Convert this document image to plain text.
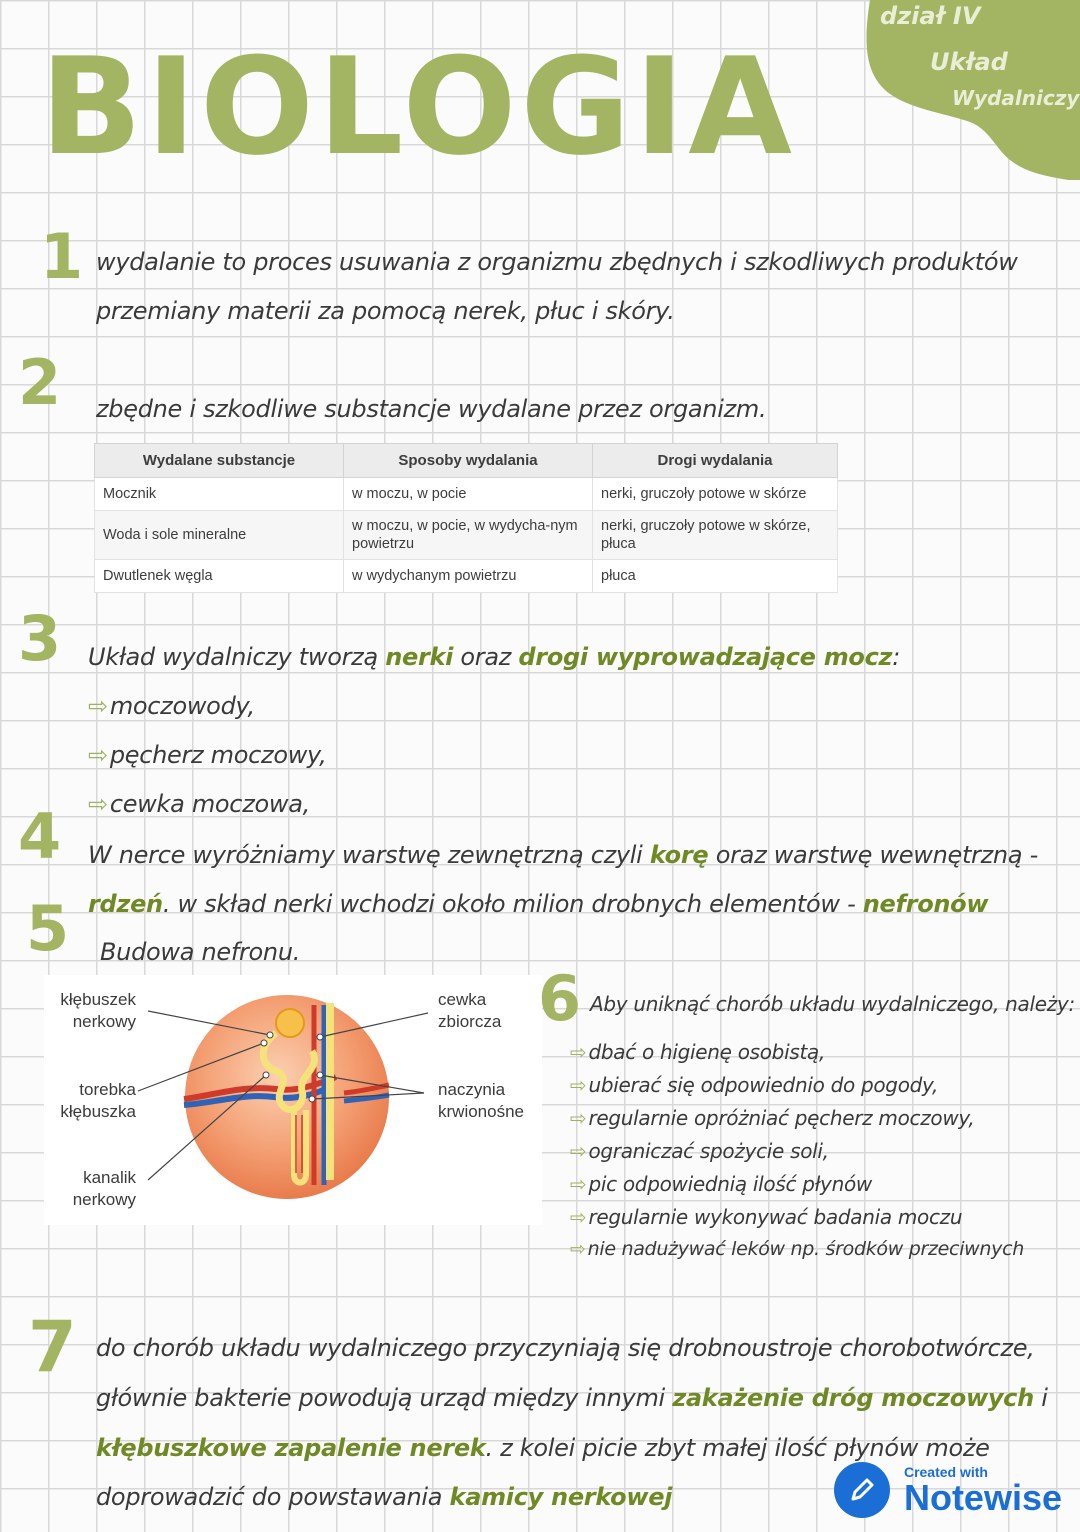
dział IV
Układ
Wydalniczy
BIOLOGIA
1 wydalanie to proces usuwania z organizmu zbędnych i szkodliwych produktów
przemiany materii za pomocą nerek, płuc i skóry.
2 zbędne i szkodliwe substancje wydalane przez organizm.
Wydalane substancje	Sposoby wydalania	Drogi wydalania
Mocznik	w moczu, w pocie	nerki, gruczoły potowe w skórze
Woda i sole mineralne	w moczu, w pocie, w wydycha-nym powietrzu	nerki, gruczoły potowe w skórze, płuca
Dwutlenek węgla	w wydychanym powietrzu	płuca
3 Układ wydalniczy tworzą nerki oraz drogi wyprowadzające mocz:
⇨moczowody,
⇨pęcherz moczowy,
⇨cewka moczowa,
4 W nerce wyróżniamy warstwę zewnętrzną czyli korę oraz warstwę wewnętrzną -
rdzeń. w skład nerki wchodzi około milion drobnych elementów - nefronów
5 Budowa nefronu.
kłębuszek
nerkowy
torebka
kłębuszka
kanalik
nerkowy
cewka
zbiorcza
naczynia
krwionośne
6 Aby uniknąć chorób układu wydalniczego, należy:
⇨ dbać o higienę osobistą,
⇨ ubierać się odpowiednio do pogody,
⇨ regularnie opróżniać pęcherz moczowy,
⇨ ograniczać spożycie soli,
⇨ pic odpowiednią ilość płynów
⇨ regularnie wykonywać badania moczu
⇨ nie nadużywać leków np. środków przeciwnych
7 do chorób układu wydalniczego przyczyniają się drobnoustroje chorobotwórcze,
głównie bakterie powodują urząd między innymi zakażenie dróg moczowych i
kłębuszkowe zapalenie nerek. z kolei picie zbyt małej ilość płynów może
doprowadzić do powstawania kamicy nerkowej
Created with
Notewise
